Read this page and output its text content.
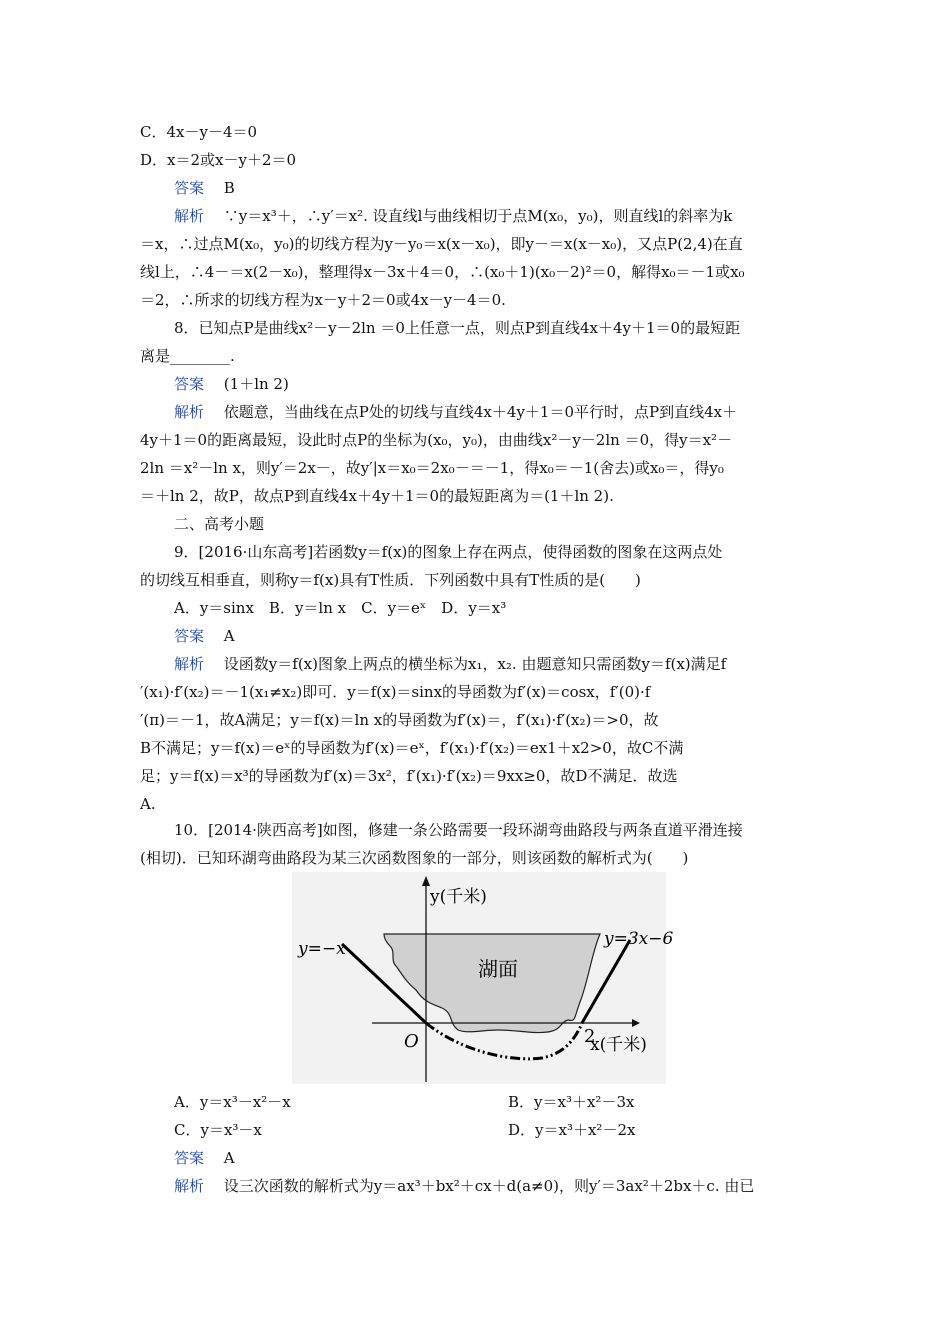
C．4x－y－4＝0
D．x＝2或x－y＋2＝0
答案　 B
解析　 ∵y＝x³＋，∴y′＝x². 设直线l与曲线相切于点M(x₀，y₀)，则直线l的斜率为k
＝x，∴过点M(x₀，y₀)的切线方程为y－y₀＝x(x－x₀)，即y－＝x(x－x₀)，又点P(2,4)在直
线l上，∴4－＝x(2－x₀)，整理得x－3x＋4＝0，∴(x₀＋1)(x₀－2)²＝0，解得x₀＝－1或x₀
＝2，∴所求的切线方程为x－y＋2＝0或4x－y－4＝0.
8．已知点P是曲线x²－y－2ln ＝0上任意一点，则点P到直线4x＋4y＋1＝0的最短距
离是________.
答案　 (1＋ln 2)
解析　 依题意，当曲线在点P处的切线与直线4x＋4y＋1＝0平行时，点P到直线4x＋
4y＋1＝0的距离最短，设此时点P的坐标为(x₀，y₀)，由曲线x²－y－2ln ＝0，得y＝x²－
2ln ＝x²－ln x，则y′＝2x－，故y′|x＝x₀＝2x₀－＝－1，得x₀＝－1(舍去)或x₀＝，得y₀
＝＋ln 2，故P，故点P到直线4x＋4y＋1＝0的最短距离为＝(1＋ln 2).
二、高考小题
9．[2016·山东高考]若函数y＝f(x)的图象上存在两点，使得函数的图象在这两点处
的切线互相垂直，则称y＝f(x)具有T性质．下列函数中具有T性质的是(　　)
A．y＝sinx　B．y＝ln x　C．y＝eˣ　D．y＝x³
答案　 A
解析　 设函数y＝f(x)图象上两点的横坐标为x₁，x₂. 由题意知只需函数y＝f(x)满足f
′(x₁)·f′(x₂)＝－1(x₁≠x₂)即可．y＝f(x)＝sinx的导函数为f′(x)＝cosx，f′(0)·f
′(π)＝－1，故A满足；y＝f(x)＝ln x的导函数为f′(x)＝，f′(x₁)·f′(x₂)＝>0，故
B不满足；y＝f(x)＝eˣ的导函数为f′(x)＝eˣ，f′(x₁)·f′(x₂)＝ex1＋x2>0，故C不满
足；y＝f(x)＝x³的导函数为f′(x)＝3x²，f′(x₁)·f′(x₂)＝9xx≥0，故D不满足．故选
A.
10．[2014·陕西高考]如图，修建一条公路需要一段环湖弯曲路段与两条直道平滑连接
(相切)．已知环湖弯曲路段为某三次函数图象的一部分，则该函数的解析式为(　　)
y(千米)
x(千米)
O	2
湖面
y=−x	y=3x−6
A．y＝x³－x²－x	B．y＝x³＋x²－3x
C．y＝x³－x	D．y＝x³＋x²－2x
答案　 A
解析　 设三次函数的解析式为y＝ax³＋bx²＋cx＋d(a≠0)，则y′＝3ax²＋2bx＋c. 由已
